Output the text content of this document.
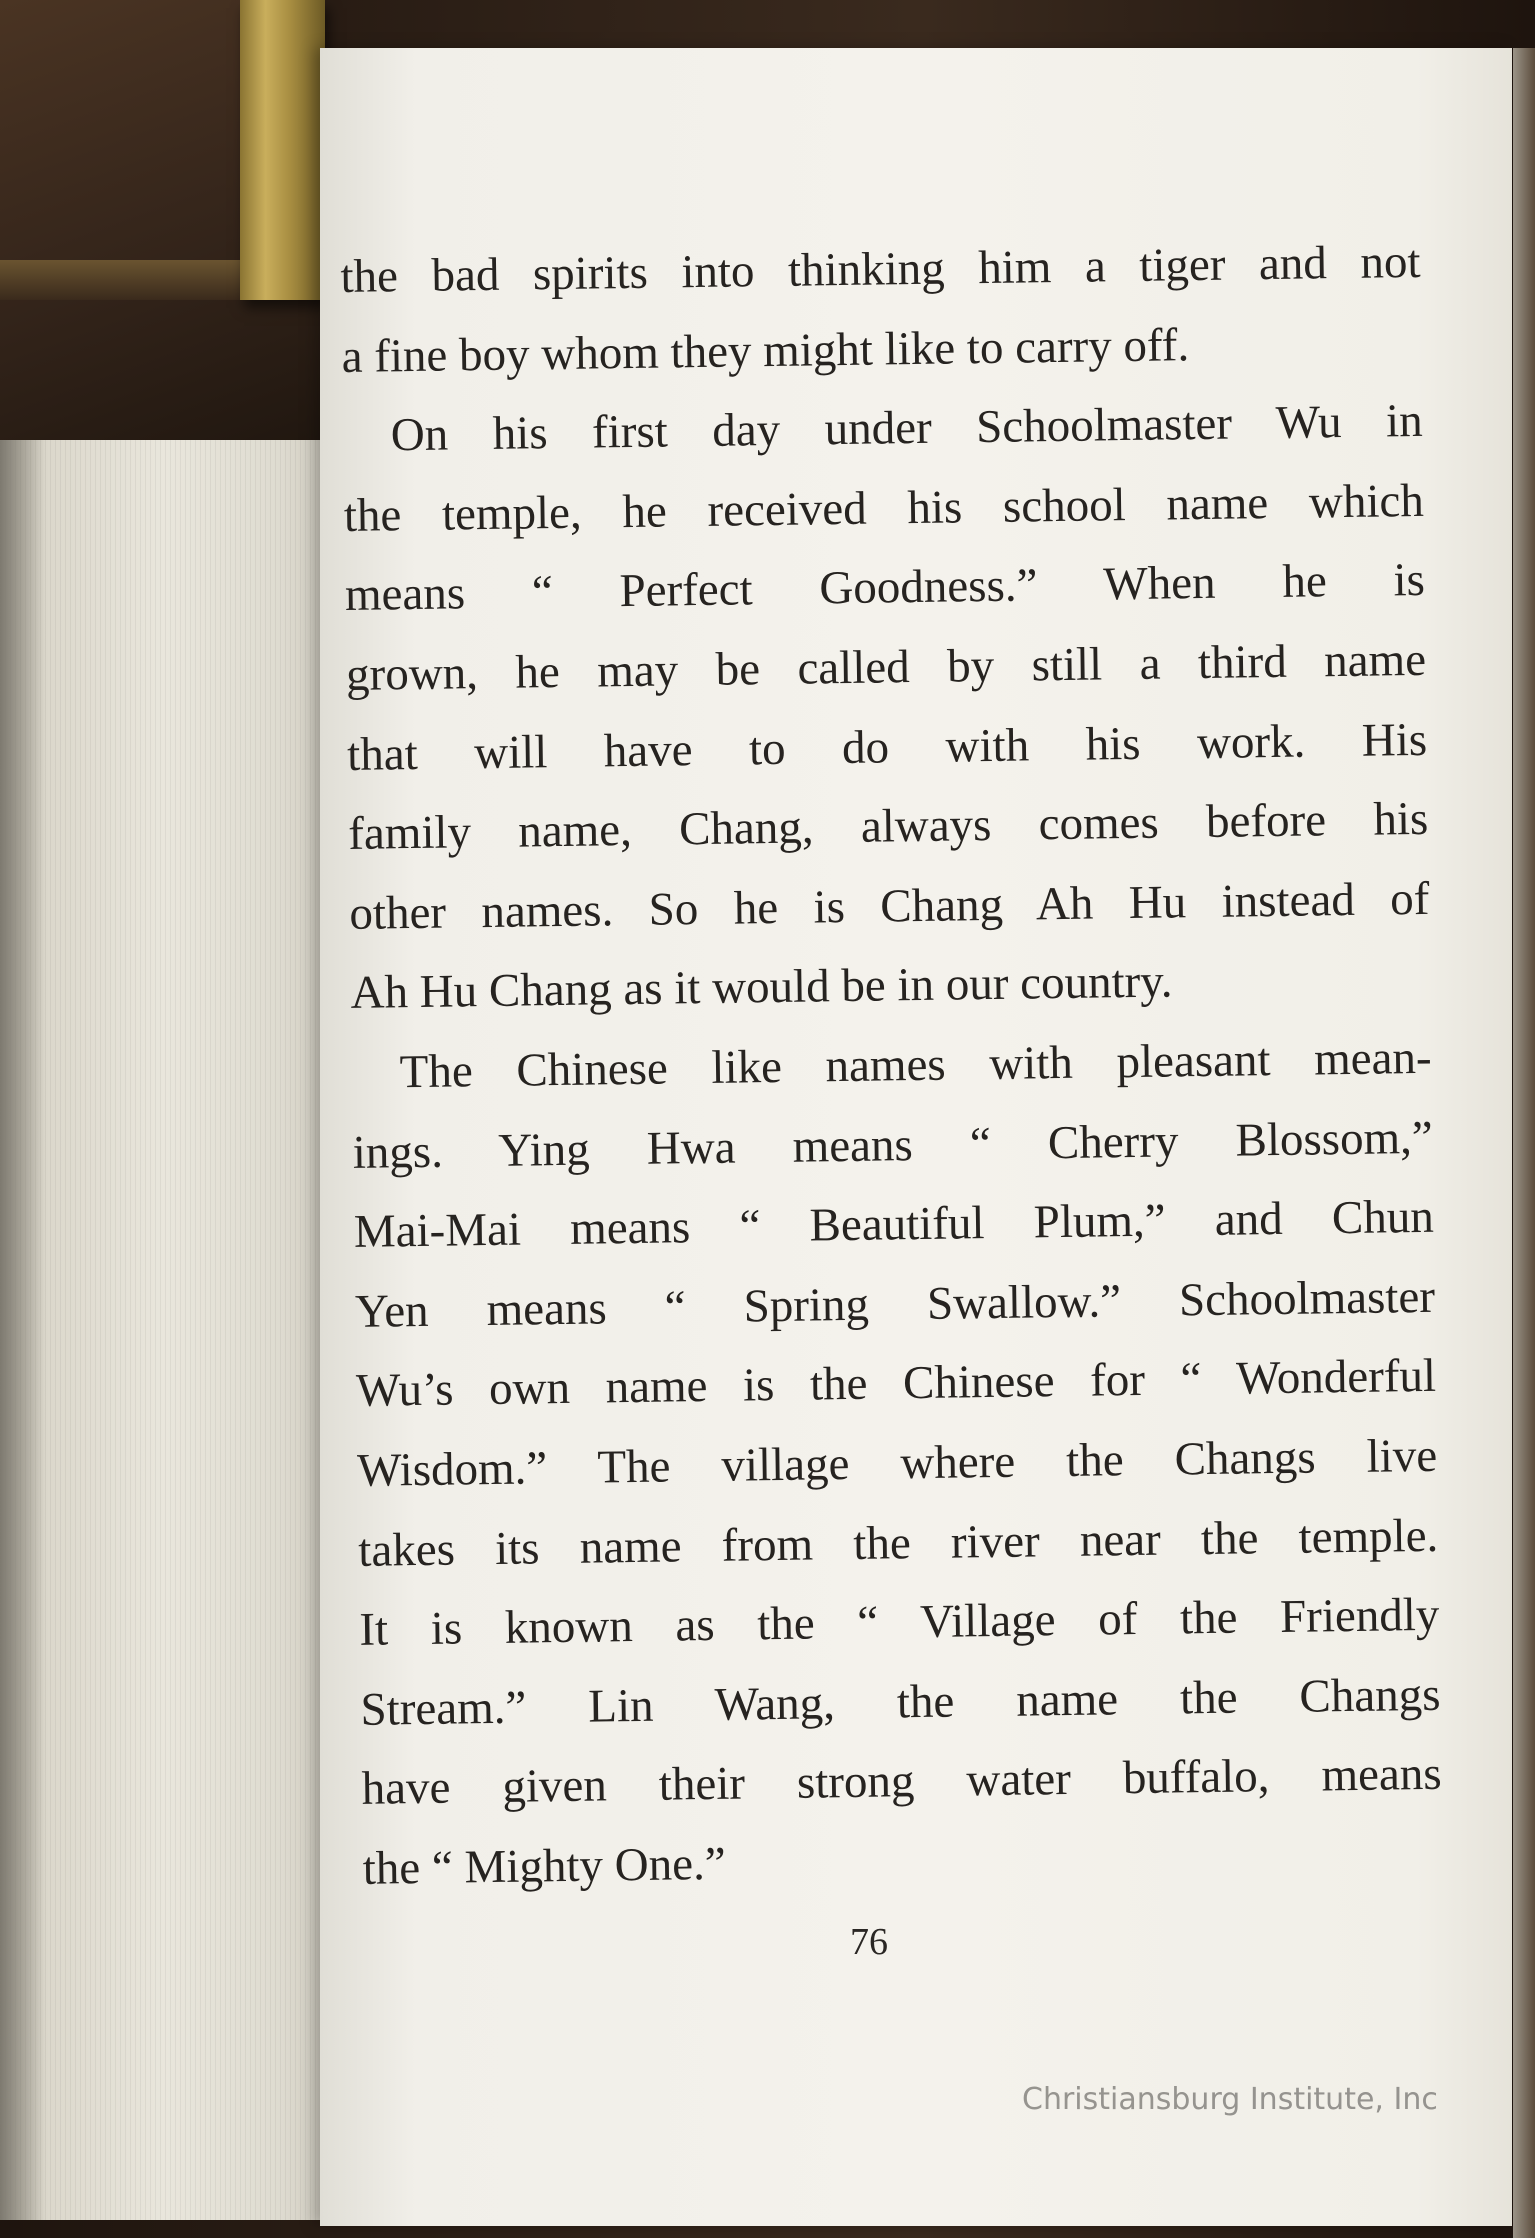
the bad spirits into thinking him a tiger and not
a fine boy whom they might like to carry off.
On his first day under Schoolmaster Wu in
the temple, he received his school name which
means “ Perfect Goodness.” When he is
grown, he may be called by still a third name
that will have to do with his work. His
family name, Chang, always comes before his
other names. So he is Chang Ah Hu instead of
Ah Hu Chang as it would be in our country.
The Chinese like names with pleasant mean-
ings. Ying Hwa means “ Cherry Blossom,”
Mai-Mai means “ Beautiful Plum,” and Chun
Yen means “ Spring Swallow.” Schoolmaster
Wu’s own name is the Chinese for “ Wonderful
Wisdom.” The village where the Changs live
takes its name from the river near the temple.
It is known as the “ Village of the Friendly
Stream.” Lin Wang, the name the Changs
have given their strong water buffalo, means
the “ Mighty One.”
76
Christiansburg Institute, Inc
